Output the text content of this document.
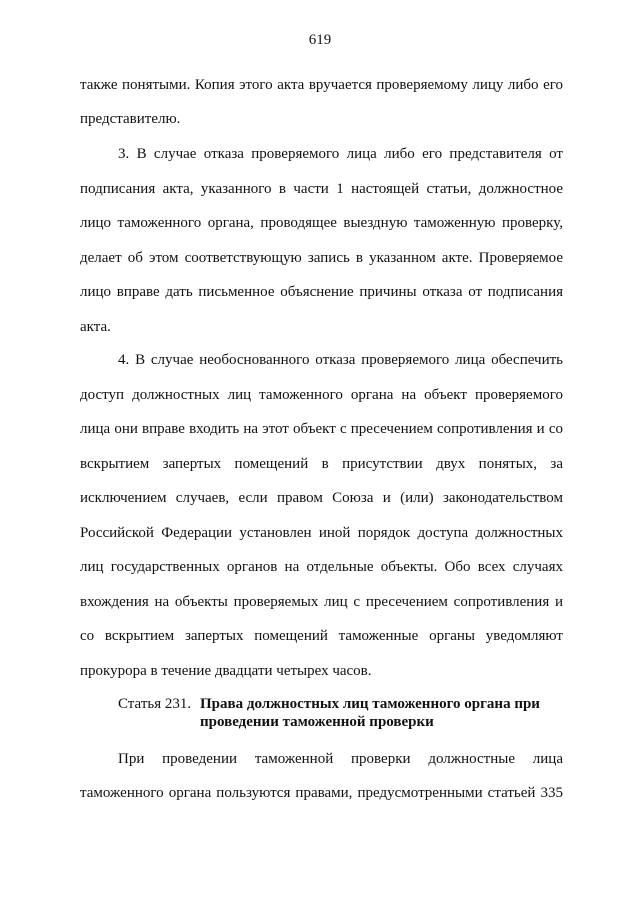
619
также понятыми. Копия этого акта вручается проверяемому лицу либо его
представителю.
3. В случае отказа проверяемого лица либо его представителя от
подписания акта, указанного в части 1 настоящей статьи, должностное
лицо таможенного органа, проводящее выездную таможенную проверку,
делает об этом соответствующую запись в указанном акте. Проверяемое
лицо вправе дать письменное объяснение причины отказа от подписания
акта.
4. В случае необоснованного отказа проверяемого лица обеспечить
доступ должностных лиц таможенного органа на объект проверяемого
лица они вправе входить на этот объект с пресечением сопротивления и со
вскрытием запертых помещений в присутствии двух понятых, за
исключением случаев, если правом Союза и (или) законодательством
Российской Федерации установлен иной порядок доступа должностных
лиц государственных органов на отдельные объекты. Обо всех случаях
вхождения на объекты проверяемых лиц с пресечением сопротивления и
со вскрытием запертых помещений таможенные органы уведомляют
прокурора в течение двадцати четырех часов.
Статья 231. Права должностных лиц таможенного органа при
проведении таможенной проверки
При проведении таможенной проверки должностные лица
таможенного органа пользуются правами, предусмотренными статьей 335
